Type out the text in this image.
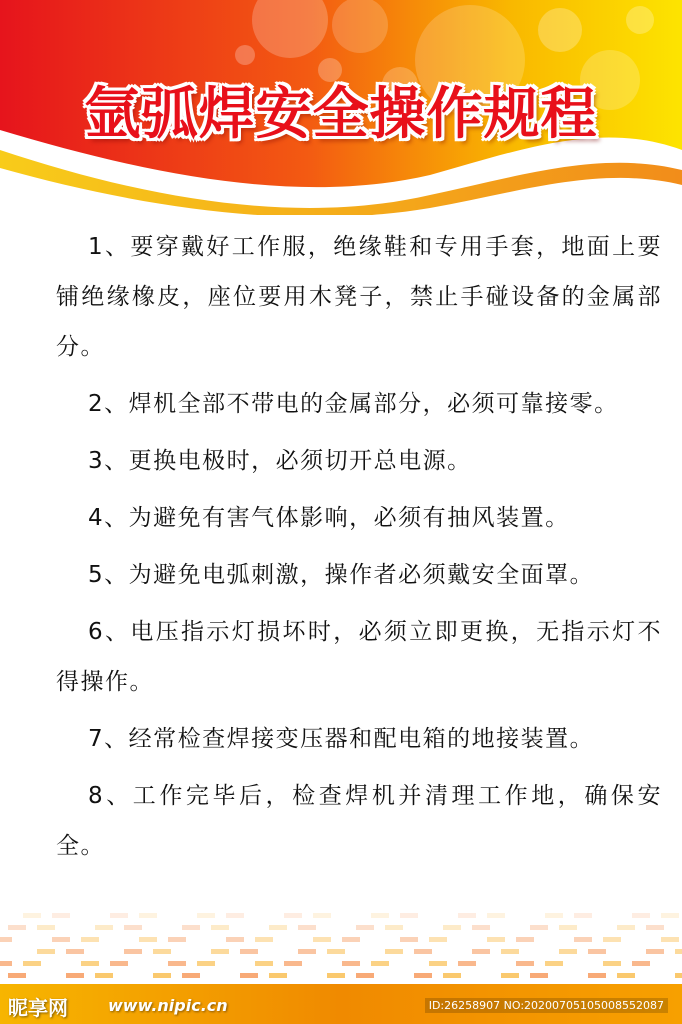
氩弧焊安全操作规程

1、要穿戴好工作服，绝缘鞋和专用手套，地面上要铺绝缘橡皮，座位要用木凳子，禁止手碰设备的金属部分。

2、焊机全部不带电的金属部分，必须可靠接零。

3、更换电极时，必须切开总电源。

4、为避免有害气体影响，必须有抽风装置。

5、为避免电弧刺激，操作者必须戴安全面罩。

6、电压指示灯损坏时，必须立即更换，无指示灯不得操作。

7、经常检查焊接变压器和配电箱的地接装置。

8、工作完毕后，检查焊机并清理工作地，确保安全。

昵享网	www.nipic.cn	ID:26258907 NO:20200705105008552087
